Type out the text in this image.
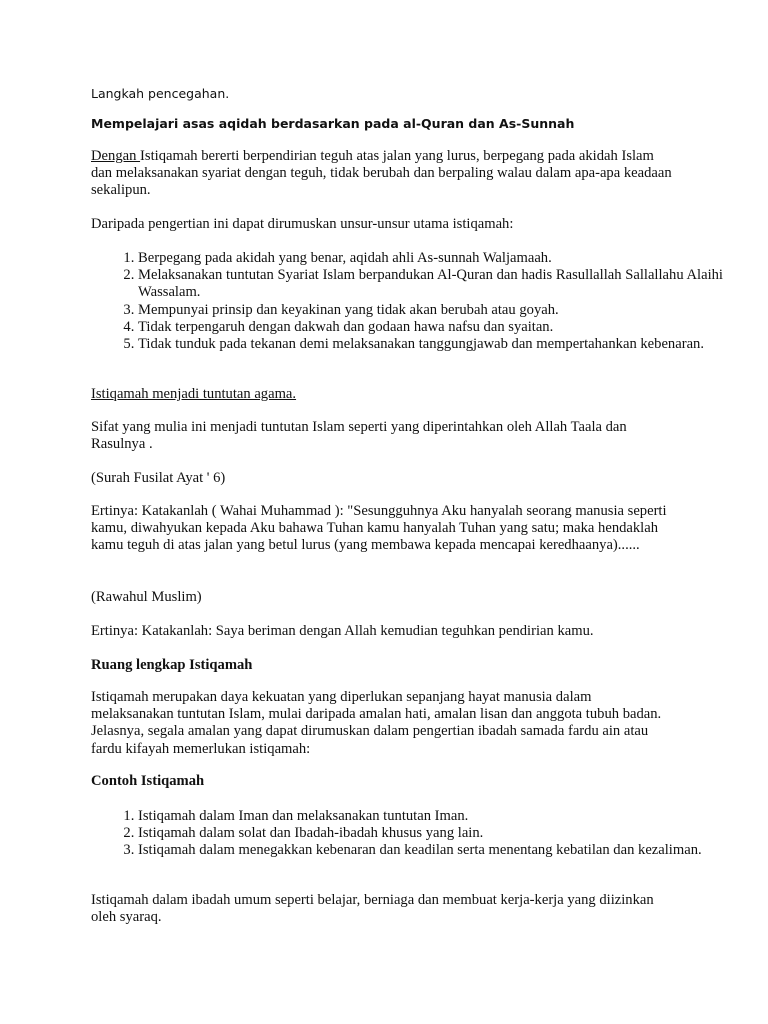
Langkah pencegahan.

Mempelajari asas aqidah berdasarkan pada al-Quran dan As-Sunnah

Dengan Istiqamah bererti berpendirian teguh atas jalan yang lurus, berpegang pada akidah Islam dan melaksanakan syariat dengan teguh, tidak berubah dan berpaling walau dalam apa-apa keadaan sekalipun.

Daripada pengertian ini dapat dirumuskan unsur-unsur utama istiqamah:

1. Berpegang pada akidah yang benar, aqidah ahli As-sunnah Waljamaah.
2. Melaksanakan tuntutan Syariat Islam berpandukan Al-Quran dan hadis Rasullallah Sallallahu Alaihi Wassalam.
3. Mempunyai prinsip dan keyakinan yang tidak akan berubah atau goyah.
4. Tidak terpengaruh dengan dakwah dan godaan hawa nafsu dan syaitan.
5. Tidak tunduk pada tekanan demi melaksanakan tanggungjawab dan mempertahankan kebenaran.

Istiqamah menjadi tuntutan agama.

Sifat yang mulia ini menjadi tuntutan Islam seperti yang diperintahkan oleh Allah Taala dan Rasulnya .

(Surah Fusilat Ayat ' 6)

Ertinya: Katakanlah ( Wahai Muhammad ): "Sesungguhnya Aku hanyalah seorang manusia seperti kamu, diwahyukan kepada Aku bahawa Tuhan kamu hanyalah Tuhan yang satu; maka hendaklah kamu teguh di atas jalan yang betul lurus (yang membawa kepada mencapai keredhaanya)......

(Rawahul Muslim)

Ertinya: Katakanlah: Saya beriman dengan Allah kemudian teguhkan pendirian kamu.

Ruang lengkap Istiqamah

Istiqamah merupakan daya kekuatan yang diperlukan sepanjang hayat manusia dalam melaksanakan tuntutan Islam, mulai daripada amalan hati, amalan lisan dan anggota tubuh badan. Jelasnya, segala amalan yang dapat dirumuskan dalam pengertian ibadah samada fardu ain atau fardu kifayah memerlukan istiqamah:

Contoh Istiqamah

1. Istiqamah dalam Iman dan melaksanakan tuntutan Iman.
2. Istiqamah dalam solat dan Ibadah-ibadah khusus yang lain.
3. Istiqamah dalam menegakkan kebenaran dan keadilan serta menentang kebatilan dan kezaliman.

Istiqamah dalam ibadah umum seperti belajar, berniaga dan membuat kerja-kerja yang diizinkan oleh syaraq.
